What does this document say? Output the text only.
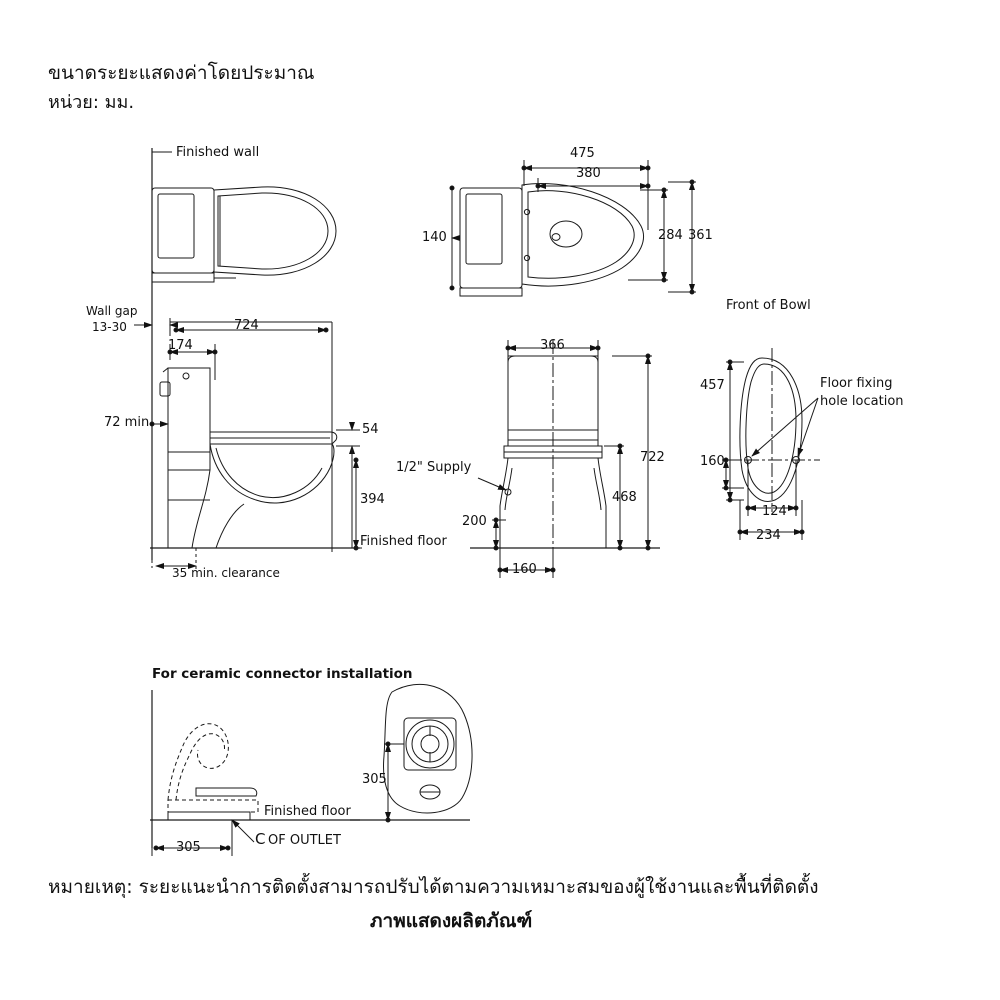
ขนาดระยะแสดงค่าโดยประมาณ
หน่วย: มม.
Finished wall	475
380
140	284 361
Wall gap
13-30	724
174
72 min.	54
394
Finished floor
35 min. clearance
366
722
468
200
160
1/2" Supply
Front of Bowl
457
160
124
234
Floor fixing
hole location
For ceramic connector installation
305
Finished floor
305	C OF OUTLET
หมายเหตุ: ระยะแนะนำการติดตั้งสามารถปรับได้ตามความเหมาะสมของผู้ใช้งานและพื้นที่ติดตั้ง
ภาพแสดงผลิตภัณฑ์
